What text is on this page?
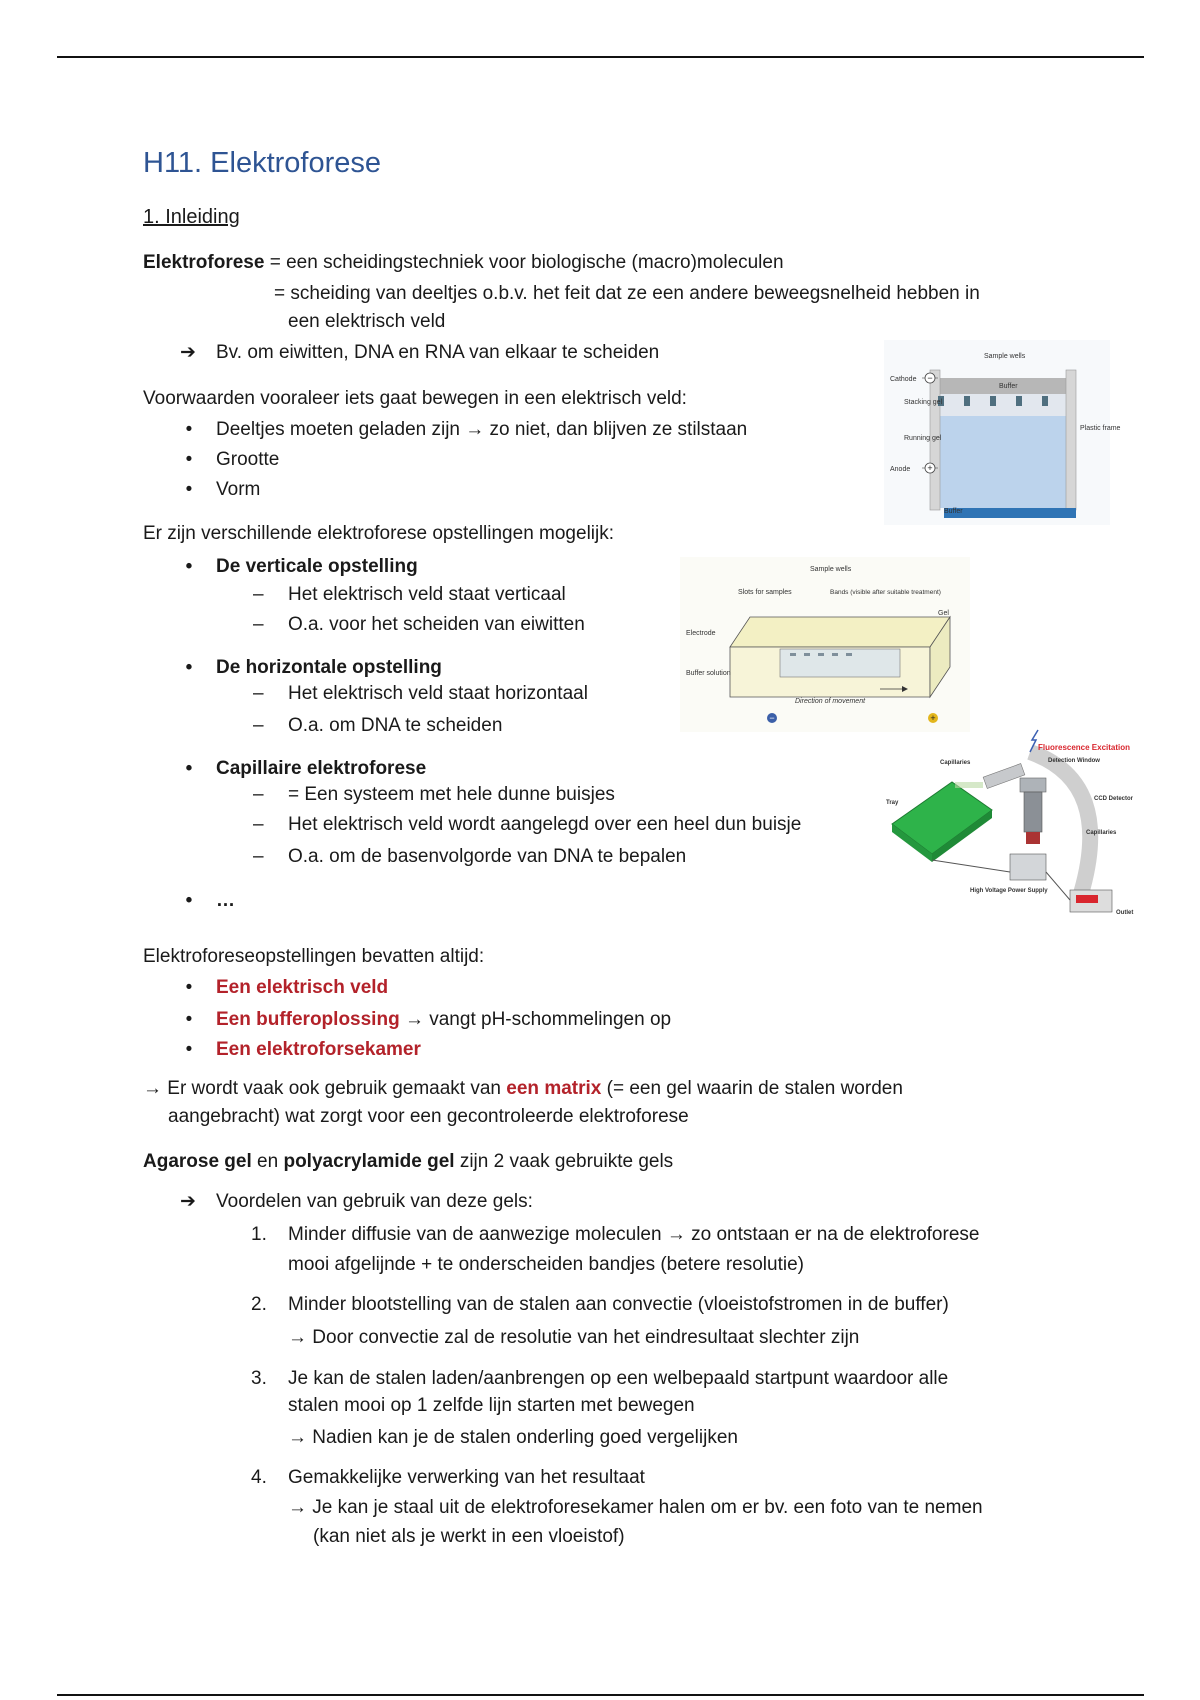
H11. Elektroforese
1. Inleiding
Elektroforese = een scheidingstechniek voor biologische (macro)moleculen
= scheiding van deeltjes o.b.v. het feit dat ze een andere beweegsnelheid hebben in
een elektrisch veld
➔ Bv. om eiwitten, DNA en RNA van elkaar te scheiden
Voorwaarden vooraleer iets gaat bewegen in een elektrisch veld:
•	Deeltjes moeten geladen zijn → zo niet, dan blijven ze stilstaan
•	Grootte
•	Vorm
Er zijn verschillende elektroforese opstellingen mogelijk:
•	De verticale opstelling
– Het elektrisch veld staat verticaal
– O.a. voor het scheiden van eiwitten
•	De horizontale opstelling
– Het elektrisch veld staat horizontaal
– O.a. om DNA te scheiden
•	Capillaire elektroforese
– = Een systeem met hele dunne buisjes
– Het elektrisch veld wordt aangelegd over een heel dun buisje
– O.a. om de basenvolgorde van DNA te bepalen
•	…
Elektroforeseopstellingen bevatten altijd:
•	Een elektrisch veld
•	Een bufferoplossing → vangt pH-schommelingen op
•	Een elektroforsekamer
→ Er wordt vaak ook gebruik gemaakt van een matrix (= een gel waarin de stalen worden
aangebracht) wat zorgt voor een gecontroleerde elektroforese
Agarose gel en polyacrylamide gel zijn 2 vaak gebruikte gels
➔ Voordelen van gebruik van deze gels:
1. Minder diffusie van de aanwezige moleculen → zo ontstaan er na de elektroforese
mooi afgelijnde + te onderscheiden bandjes (betere resolutie)
2. Minder blootstelling van de stalen aan convectie (vloeistofstromen in de buffer)
→ Door convectie zal de resolutie van het eindresultaat slechter zijn
3. Je kan de stalen laden/aanbrengen op een welbepaald startpunt waardoor alle
stalen mooi op 1 zelfde lijn starten met bewegen
→ Nadien kan je de stalen onderling goed vergelijken
4. Gemakkelijke verwerking van het resultaat
→ Je kan je staal uit de elektroforesekamer halen om er bv. een foto van te nemen
(kan niet als je werkt in een vloeistof)
−
+
Cathode
Anode
Sample wells
Buffer
Stacking gel
Running gel
Plastic frame
Buffer
−	+
Sample wells
Slots for samples	Bands (visible after suitable treatment)
Gel
Electrode
Buffer solution
Direction of movement
Fluorescence Excitation
Detection Window
Capillaries
Tray
CCD Detector
Capillaries
High Voltage Power Supply
Outlet
